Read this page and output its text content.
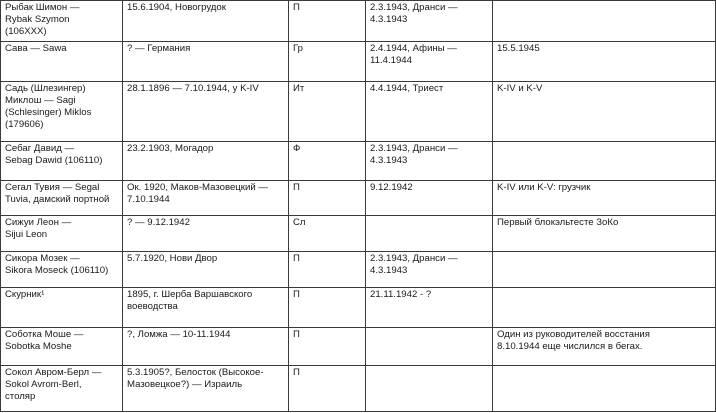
Рыбак Шимон —
Rybak Szymon
(106XXX)	15.6.1904, Новогрудок	П	2.3.1943, Дранси —
4.3.1943	
Сава — Sawa	? — Германия	Гр	2.4.1944, Афины —
11.4.1944	15.5.1945
Садь (Шлезингер)
Миклош — Sagi
(Schlesinger) Miklos
(179606)	28.1.1896 — 7.10.1944, у K-IV	Ит	4.4.1944, Триест	K-IV и K-V
Себаг Давид —
Sebag Dawid (106110)	23.2.1903, Могадор	Ф	2.3.1943, Дранси —
4.3.1943	
Сегал Тувия — Segal
Tuvia, дамский портной	Ок. 1920, Маков-Мазовецкий —
7.10.1944	П	9.12.1942	K-IV или K-V: грузчик
Сижуи Леон —
Sijui Leon	? — 9.12.1942	Сл		Первый блокэльтесте ЗоКо
Сикора Мозек —
Sikora Moseck (106110)	5.7.1920, Нови Двор	П	2.3.1943, Дранси —
4.3.1943	
Скурник¹	1895, г. Шерба Варшавского
воеводства	П	21.11.1942 - ?	
Соботка Моше —
Sobotka Moshe	?, Ломжа — 10-11.1944	П		Один из руководителей восстания
8.10.1944 еще числился в бегах.
Сокол Авром-Берл —
Sokol Avrom-Berl,
столяр	5.3.1905?, Белосток (Высокое-
Мазовецкое?) — Израиль	П		
